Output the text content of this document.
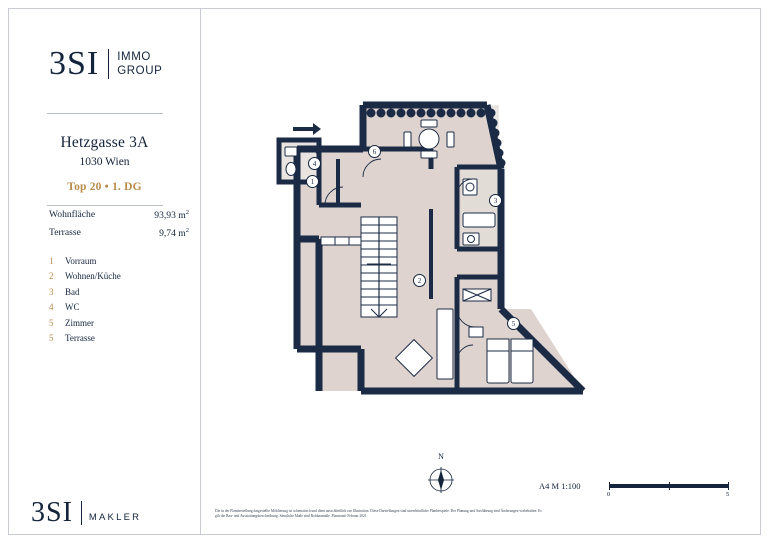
3SI IMMO
GROUP
Hetzgasse 3A
1030 Wien
Top 20 • 1. DG
Wohnfläche	93,93 $m^2$
Terrasse	9,74 $m^2$
1	Vorraum
2	Wohnen/Küche
3	Bad
4	WC
5	Zimmer
5	Terrasse
3SI MAKLER
1
2
3
4
5
6
N
A4 M 1:100
0	5
Die in der Plandarstellung dargestellte Möblierung ist schematisch und dient ausschließlich zur Illustration. Diese Darstellungen sind unverbindliche Planbeispiele. Der Planung und Ausführung sind Änderungen vorbehalten. Es gilt die Bau- und Ausstattungsbeschreibung. Sämtliche Maße sind Rohbaumaße. Planstand: Februar 2021.
